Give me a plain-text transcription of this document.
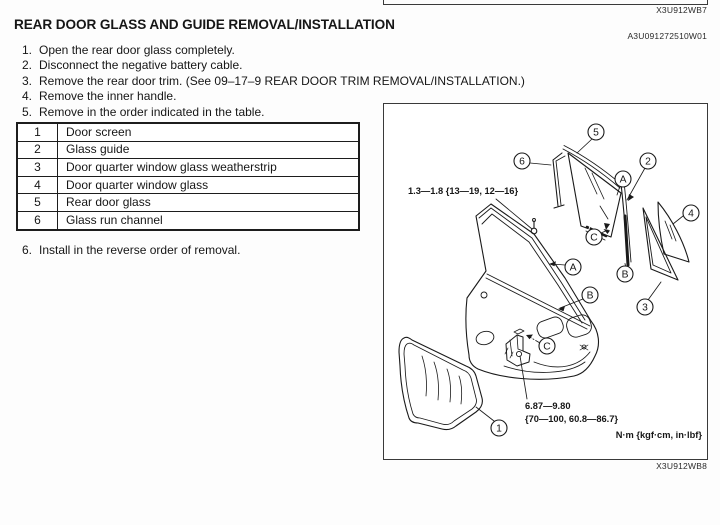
X3U912WB7
REAR DOOR GLASS AND GUIDE REMOVAL/INSTALLATION
A3U091272510W01
1. Open the rear door glass completely.
2. Disconnect the negative battery cable.
3. Remove the rear door trim. (See 09–17–9 REAR DOOR TRIM REMOVAL/INSTALLATION.)
4. Remove the inner handle.
5. Remove in the order indicated in the table.
1	Door screen
2	Glass guide
3	Door quarter window glass weatherstrip
4	Door quarter window glass
5	Rear door glass
6	Glass run channel
6. Install in the reverse order of removal.
5
6	2
A
4
C
A
B
B
3
C
1
1.3—1.8 {13—19, 12—16}
6.87—9.80
{70—100, 60.8—86.7}
N·m {kgf·cm, in·lbf}
X3U912WB8
